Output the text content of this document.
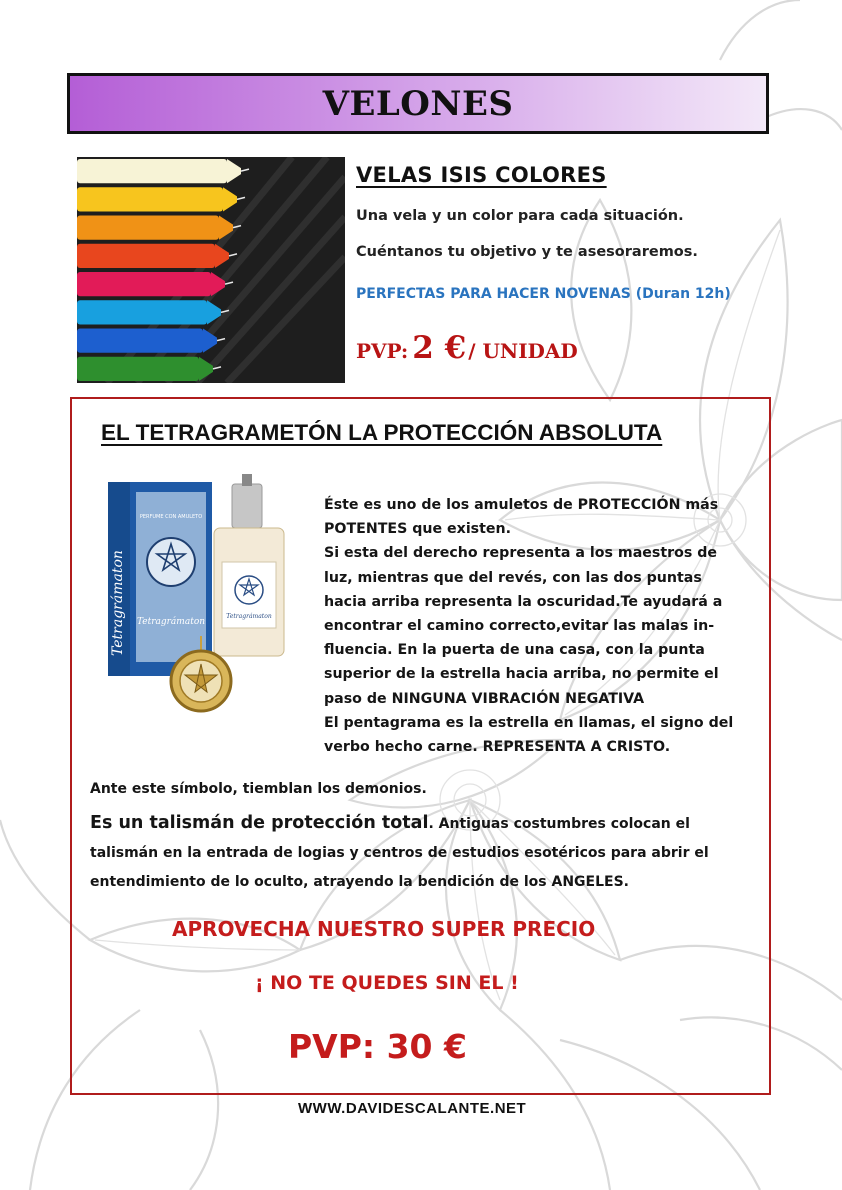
VELONES
VELAS ISIS COLORES
Una vela y un color para cada situación.
Cuéntanos tu objetivo y te asesoraremos.
PERFECTAS PARA HACER NOVENAS (Duran 12h)
PVP: 2 € / UNIDAD
EL TETRAGRAMETÓN LA PROTECCIÓN ABSOLUTA
Tetragrámaton
PERFUME CON AMULETO
Tetragrámaton
Tetragrámaton

Éste es uno de los amuletos de PROTECCIÓN más

POTENTES que existen.

Si esta del derecho representa a los maestros de

luz, mientras que del revés, con las dos puntas

hacia arriba representa la oscuridad.Te ayudará a

encontrar el camino correcto,evitar las malas in-

fluencia. En la puerta de una casa, con la punta

superior de la estrella hacia arriba, no permite el

paso de NINGUNA VIBRACIÓN NEGATIVA

El pentagrama es la estrella en llamas, el signo del

verbo hecho carne. REPRESENTA A CRISTO.

Ante este símbolo, tiemblan los demonios.
Es un talismán de protección total. Antiguas costumbres colocan el talismán en la entrada de logias y centros de estudios esotéricos para abrir el entendimiento de lo oculto, atrayendo la bendición de los ANGELES.
APROVECHA NUESTRO SUPER PRECIO
¡ NO TE QUEDES SIN EL !
PVP: 30 €
WWW.DAVIDESCALANTE.NET
